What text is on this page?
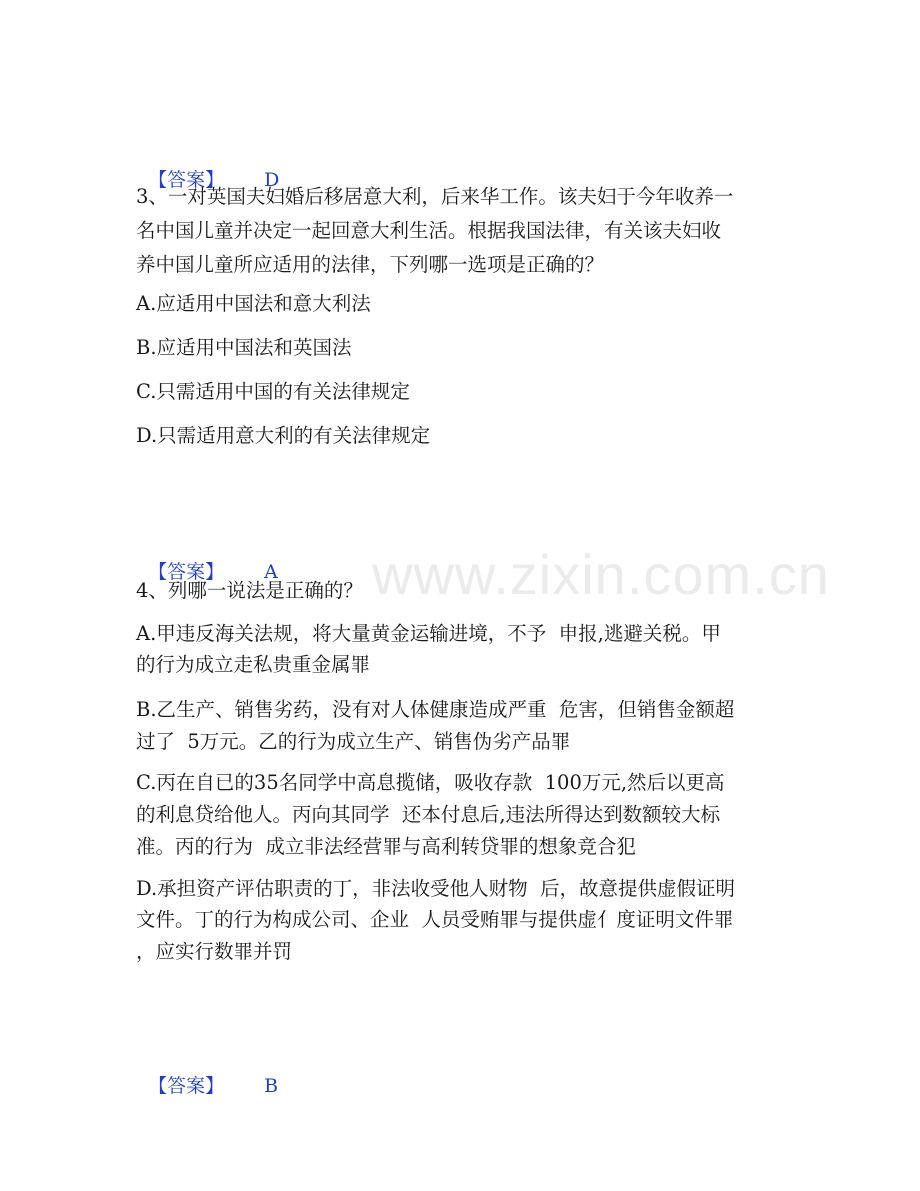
【答案】 D

3、一对英国夫妇婚后移居意大利，后来华工作。该夫妇于今年收养一

名中国儿童并决定一起回意大利生活。根据我国法律，有关该夫妇收

养中国儿童所应适用的法律，下列哪一选项是正确的？

A.应适用中国法和意大利法

B.应适用中国法和英国法

C.只需适用中国的有关法律规定

D.只需适用意大利的有关法律规定

【答案】 A www.zixin.com.cn

4、列哪一说法是正确的？

A.甲违反海关法规，将大量黄金运输进境，不予  申报,逃避关税。甲

的行为成立走私贵重金属罪

B.乙生产、销售劣药，没有对人体健康造成严重  危害，但销售金额超

过了  5万元。乙的行为成立生产、销售伪劣产品罪

C.丙在自已的35名同学中高息揽储，吸收存款  100万元,然后以更高

的利息贷给他人。丙向其同学  还本付息后,违法所得达到数额较大标

准。丙的行为  成立非法经营罪与高利转贷罪的想象竞合犯

D.承担资产评估职责的丁，非法收受他人财物  后，故意提供虚假证明

文件。丁的行为构成公司、企业  人员受贿罪与提供虚亻度证明文件罪

，应实行数罪并罚

【答案】 B
